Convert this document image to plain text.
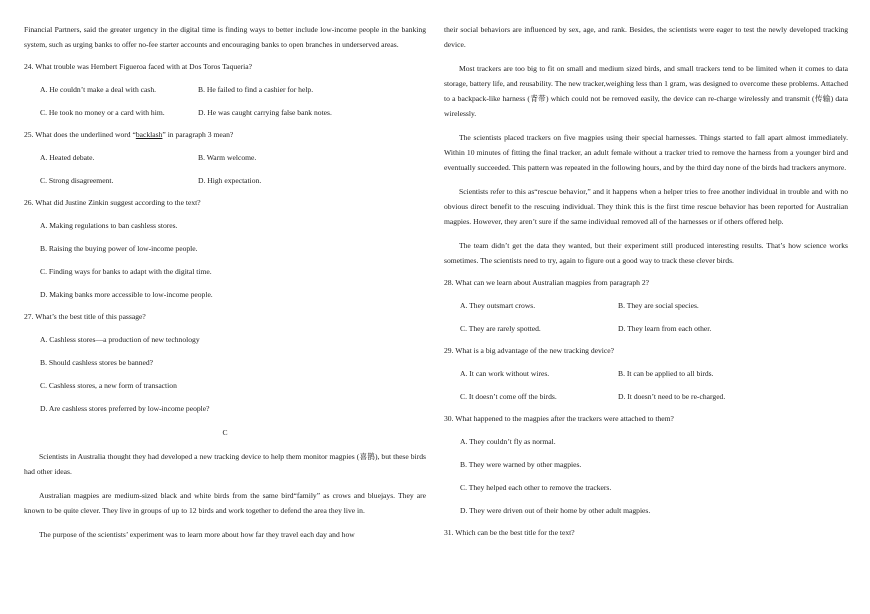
Financial Partners, said the greater urgency in the digital time is finding ways to better include low-income people in the banking system, such as urging banks to offer no-fee starter accounts and encouraging banks to open branches in underserved areas.

24. What trouble was Hembert Figueroa faced with at Dos Toros Taqueria?

A. He couldn’t make a deal with cash.	B. He failed to find a cashier for help.
C. He took no money or a card with him.	D. He was caught carrying false bank notes.

25. What does the underlined word “backlash” in paragraph 3 mean?

A. Heated debate.	B. Warm welcome.
C. Strong disagreement.	D. High expectation.

26. What did Justine Zinkin suggest according to the text?

A. Making regulations to ban cashless stores.

B. Raising the buying power of low-income people.

C. Finding ways for banks to adapt with the digital time.

D. Making banks more accessible to low-income people.

27. What’s the best title of this passage?

A. Cashless stores—a production of new technology

B. Should cashless stores be banned?

C. Cashless stores, a new form of transaction

D. Are cashless stores preferred by low-income people?

C

Scientists in Australia thought they had developed a new tracking device to help them monitor magpies (喜鹊), but these birds had other ideas.

Australian magpies are medium-sized black and white birds from the same bird“family” as crows and bluejays. They are known to be quite clever. They live in groups of up to 12 birds and work together to defend the area they live in.

The purpose of the scientists’ experiment was to learn more about how far they travel each day and how

their social behaviors are influenced by sex, age, and rank. Besides, the scientists were eager to test the newly developed tracking device.

Most trackers are too big to fit on small and medium sized birds, and small trackers tend to be limited when it comes to data storage, battery life, and reusability. The new tracker,weighing less than 1 gram, was designed to overcome these problems. Attached to a backpack-like harness (背带) which could not be removed easily, the device can re-charge wirelessly and transmit (传输) data wirelessly.

The scientists placed trackers on five magpies using their special harnesses. Things started to fall apart almost immediately. Within 10 minutes of fitting the final tracker, an adult female without a tracker tried to remove the harness from a younger bird and eventually succeeded. This pattern was repeated in the following hours, and by the third day none of the birds had trackers anymore.

Scientists refer to this as“rescue behavior,” and it happens when a helper tries to free another individual in trouble and with no obvious direct benefit to the rescuing individual. They think this is the first time rescue behavior has been reported for Australian magpies. However, they aren’t sure if the same individual removed all of the harnesses or if others offered help.

The team didn’t get the data they wanted, but their experiment still produced interesting results. That’s how science works sometimes. The scientists need to try, again to figure out a good way to track these clever birds.

28. What can we learn about Australian magpies from paragraph 2?

A. They outsmart crows.	B. They are social species.
C. They are rarely spotted.	D. They learn from each other.

29. What is a big advantage of the new tracking device?

A. It can work without wires.	B. It can be applied to all birds.
C. It doesn’t come off the birds.	D. It doesn’t need to be re-charged.

30. What happened to the magpies after the trackers were attached to them?

A. They couldn’t fly as normal.

B. They were warned by other magpies.

C. They helped each other to remove the trackers.

D. They were driven out of their home by other adult magpies.

31. Which can be the best title for the text?
